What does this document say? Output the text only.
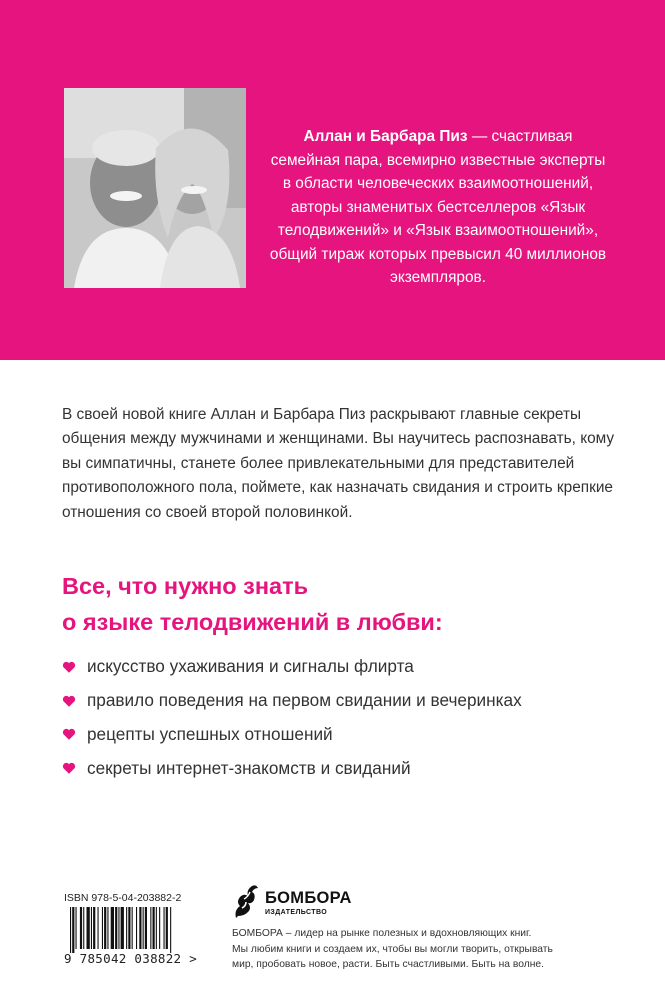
Аллан и Барбара Пиз — счастливая семейная пара, всемирно известные эксперты в области человеческих взаимоотношений, авторы знаменитых бестселлеров «Язык телодвижений» и «Язык взаимоотношений», общий тираж которых превысил 40 миллионов экземпляров.
В своей новой книге Аллан и Барбара Пиз раскрывают главные секреты общения между мужчинами и женщинами. Вы научитесь распознавать, кому вы симпатичны, станете более привлекательными для представителей противоположного пола, поймете, как назначать свидания и строить крепкие отношения со своей второй половинкой.
Все, что нужно знать
о языке телодвижений в любви:
искусство ухаживания и сигналы флирта
правило поведения на первом свидании и вечеринках
рецепты успешных отношений
секреты интернет-знакомств и свиданий
ISBN 978-5-04-203882-2
9 785042 038822 >
БОМБОРА
ИЗДАТЕЛЬСТВО
БОМБОРА – лидер на рынке полезных и вдохновляющих книг.
Мы любим книги и создаем их, чтобы вы могли творить, открывать
мир, пробовать новое, расти. Быть счастливыми. Быть на волне.
